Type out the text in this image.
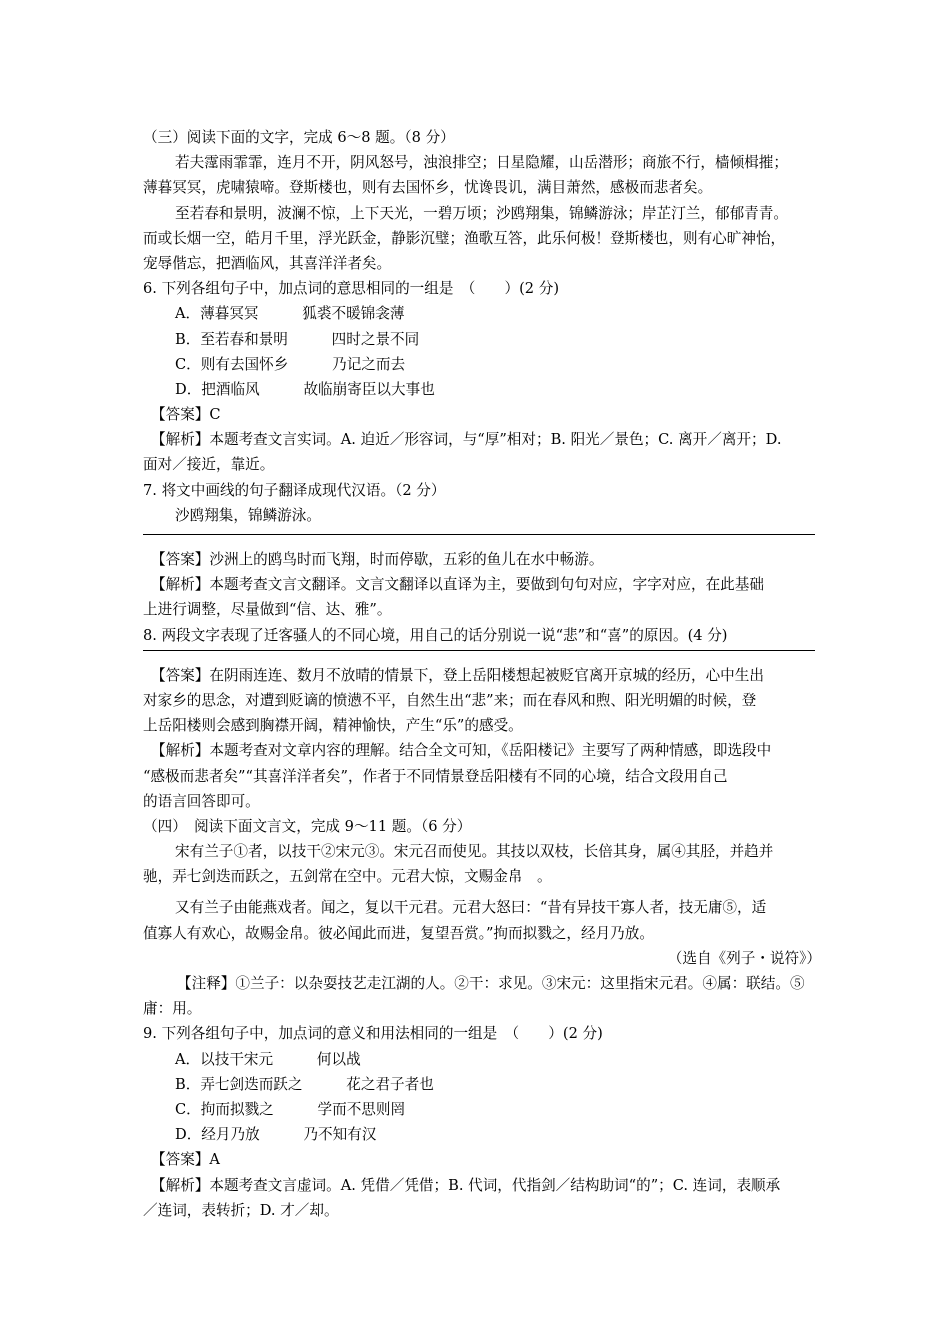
（三）阅读下面的文字，完成 6～8 题。（8 分）
若夫霪雨霏霏，连月不开，阴风怒号，浊浪排空；日星隐耀，山岳潜形；商旅不行，樯倾楫摧；
薄暮冥冥，虎啸猿啼。登斯楼也，则有去国怀乡，忧谗畏讥，满目萧然，感极而悲者矣。
至若春和景明，波澜不惊，上下天光，一碧万顷；沙鸥翔集，锦鳞游泳；岸芷汀兰，郁郁青青。
而或长烟一空，皓月千里，浮光跃金，静影沉璧；渔歌互答，此乐何极！登斯楼也，则有心旷神怡，
宠辱偕忘，把酒临风，其喜洋洋者矣。
6. 下列各组句子中，加点词的意思相同的一组是　（　　）(2 分)
A．薄暮冥冥　　　狐裘不暖锦衾薄
B．至若春和景明　　　四时之景不同
C．则有去国怀乡　　　乃记之而去
D．把酒临风　　　故临崩寄臣以大事也
【答案】C
【解析】本题考查文言实词。A. 迫近／形容词，与“厚”相对；B. 阳光／景色；C. 离开／离开；D.
面对／接近，靠近。
7. 将文中画线的句子翻译成现代汉语。（2 分）
沙鸥翔集，锦鳞游泳。
【答案】沙洲上的鸥鸟时而飞翔，时而停歇，五彩的鱼儿在水中畅游。
【解析】本题考查文言文翻译。文言文翻译以直译为主，要做到句句对应，字字对应，在此基础
上进行调整，尽量做到“信、达、雅”。
8. 两段文字表现了迁客骚人的不同心境，用自己的话分别说一说“悲”和“喜”的原因。(4 分)
【答案】在阴雨连连、数月不放晴的情景下，登上岳阳楼想起被贬官离开京城的经历，心中生出
对家乡的思念，对遭到贬谪的愤懑不平，自然生出“悲”来；而在春风和煦、阳光明媚的时候，登
上岳阳楼则会感到胸襟开阔，精神愉快，产生“乐”的感受。
【解析】本题考查对文章内容的理解。结合全文可知，《岳阳楼记》主要写了两种情感，即选段中
“感极而悲者矣”“其喜洋洋者矣”，作者于不同情景登岳阳楼有不同的心境，结合文段用自己
的语言回答即可。
（四）　阅读下面文言文，完成 9～11 题。（6 分）
宋有兰子①者，以技干②宋元③。宋元召而使见。其技以双枝，长倍其身，属④其胫，并趋并
驰，弄七剑迭而跃之，五剑常在空中。元君大惊，文赐金帛　。
又有兰子由能燕戏者。闻之，复以干元君。元君大怒曰：“昔有异技干寡人者，技无庸⑤，适
值寡人有欢心，故赐金帛。彼必闻此而进，复望吾赏。”拘而拟戮之，经月乃放。
（选自《列子・说符》）
【注释】①兰子：以杂耍技艺走江湖的人。②干：求见。③宋元：这里指宋元君。④属：联结。⑤
庸：用。
9. 下列各组句子中，加点词的意义和用法相同的一组是　（　　）(2 分)
A．以技干宋元　　　何以战
B．弄七剑迭而跃之　　　花之君子者也
C．拘而拟戮之　　　学而不思则罔
D．经月乃放　　　乃不知有汉
【答案】A
【解析】本题考查文言虚词。A. 凭借／凭借；B. 代词，代指剑／结构助词“的”；C. 连词，表顺承
／连词，表转折；D. 才／却。
